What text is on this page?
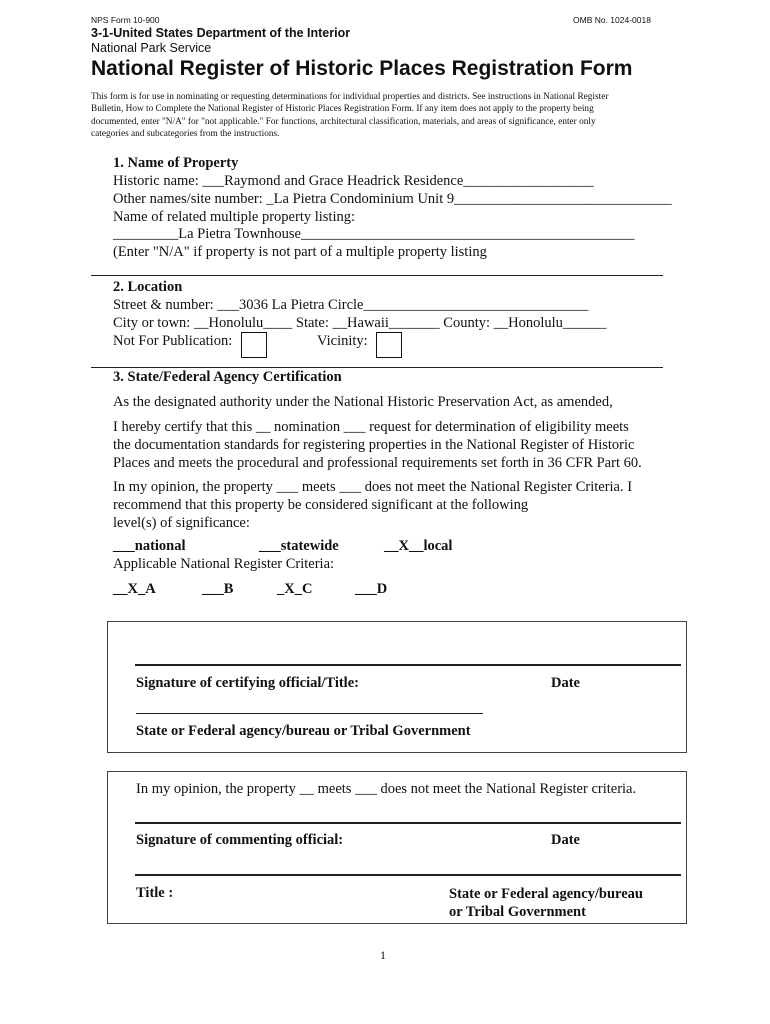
NPS Form 10-900	OMB No. 1024-0018
3-1-United States Department of the Interior
National Park Service
National Register of Historic Places Registration Form
This form is for use in nominating or requesting determinations for individual properties and districts. See instructions in National Register
Bulletin, How to Complete the National Register of Historic Places Registration Form. If any item does not apply to the property being
documented, enter "N/A" for "not applicable." For functions, architectural classification, materials, and areas of significance, enter only
categories and subcategories from the instructions.
1. Name of Property
Historic name: ___Raymond and Grace Headrick Residence__________________
Other names/site number: _La Pietra Condominium Unit 9______________________________
Name of related multiple property listing:
_________La Pietra Townhouse______________________________________________
(Enter "N/A" if property is not part of a multiple property listing
2. Location
Street & number: ___3036 La Pietra Circle_______________________________
City or town: __Honolulu____ State: __Hawaii_______ County: __Honolulu______
Not For Publication:	Vicinity:
3. State/Federal Agency Certification
As the designated authority under the National Historic Preservation Act, as amended,
I hereby certify that this __ nomination ___ request for determination of eligibility meets
the documentation standards for registering properties in the National Register of Historic
Places and meets the procedural and professional requirements set forth in 36 CFR Part 60.
In my opinion, the property ___ meets ___ does not meet the National Register Criteria. I
recommend that this property be considered significant at the following
level(s) of significance:
___national	___statewide	__X__local
Applicable National Register Criteria:
__X_A	___B	_X_C	___D
Signature of certifying official/Title:	Date
State or Federal agency/bureau or Tribal Government
In my opinion, the property __ meets ___ does not meet the National Register criteria.
Signature of commenting official:	Date
Title :	State or Federal agency/bureau
or Tribal Government
1
